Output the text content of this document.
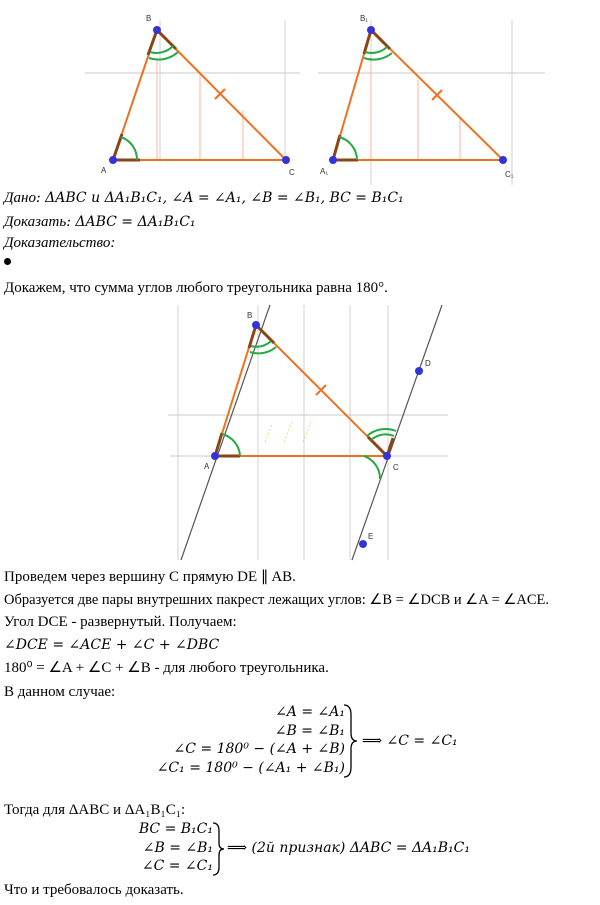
A
B
C	A₁
B₁
C₁
A
B
C
D
E
Дано: ΔABC и ΔA₁B₁C₁, ∠A = ∠A₁, ∠B = ∠B₁, BC = B₁C₁
Доказать: ΔABC = ΔA₁B₁C₁
Доказательство:
Докажем, что сумма углов любого треугольника равна 180°.
Проведем через вершину C прямую DE ∥ AB.
Образуется две пары внутрешних пакрест лежащих углов: ∠B = ∠DCB и ∠A = ∠ACE.
Угол DCE - развернутый. Получаем:
∠DCE = ∠ACE + ∠C + ∠DBC
180⁰ = ∠A + ∠C + ∠B - для любого треугольника.
В данном случае:
∠A = ∠A₁
∠B = ∠B₁
∠C = 180⁰ − (∠A + ∠B)
∠C₁ = 180⁰ − (∠A₁ + ∠B₁)
⟹ ∠C = ∠C₁
Тогда для ΔABC и ΔA₁B₁C₁:
BC = B₁C₁
∠B = ∠B₁
∠C = ∠C₁
⟹ (2й признак) ΔABC = ΔA₁B₁C₁
Что и требовалось доказать.
